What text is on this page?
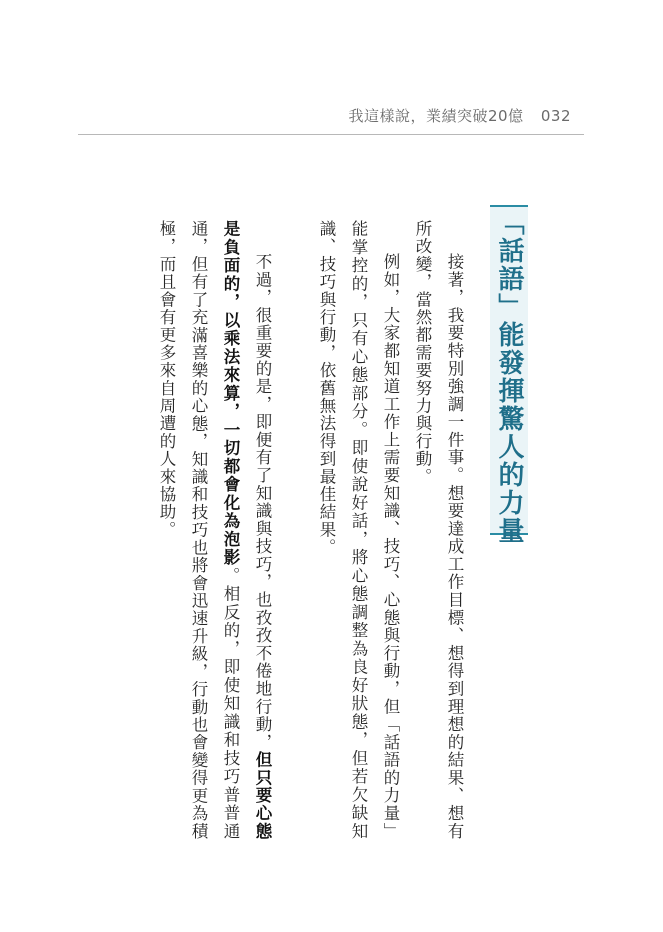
我這樣說，業績突破20億 032
「話語」能發揮驚人的力量

接著，我要特別強調一件事。想要達成工作目標、想得到理想的結果、想有所改變，當然都需要努力與行動。

例如，大家都知道工作上需要知識、技巧、心態與行動，但「話語的力量」能掌控的，只有心態部分。即使說好話，將心態調整為良好狀態，但若欠缺知識、技巧與行動，依舊無法得到最佳結果。

不過，很重要的是，即便有了知識與技巧，也孜孜不倦地行動，但只要心態是負面的，以乘法來算，一切都會化為泡影。相反的，即使知識和技巧普普通通，但有了充滿喜樂的心態，知識和技巧也將會迅速升級，行動也會變得更為積極，而且會有更多來自周遭的人來協助。
